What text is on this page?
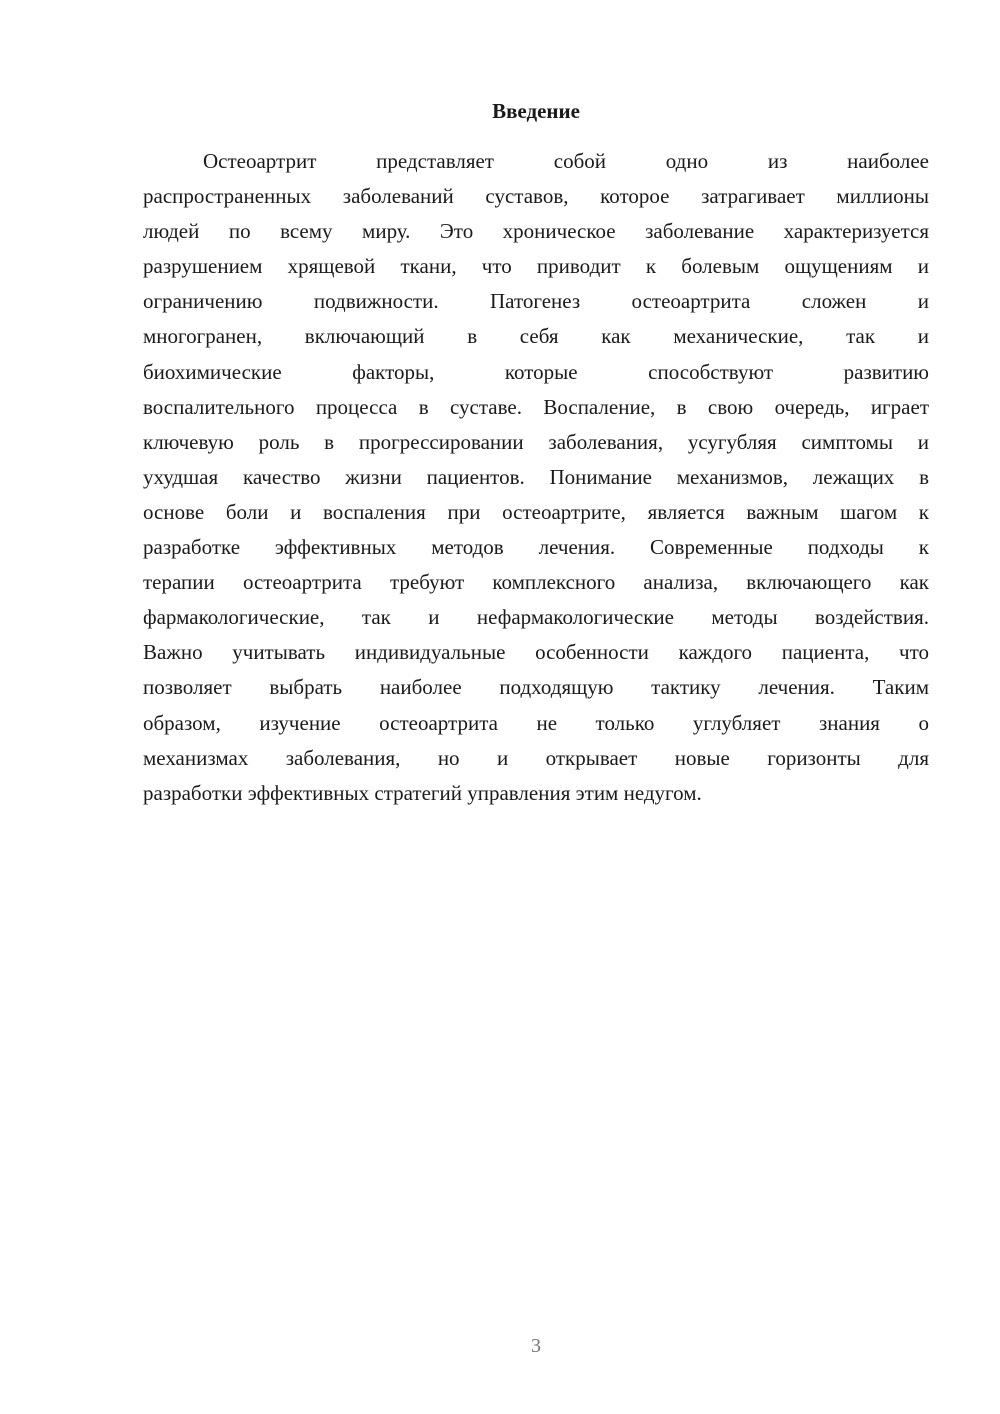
Введение
Остеоартрит представляет собой одно из наиболее
распространенных заболеваний суставов, которое затрагивает миллионы
людей по всему миру. Это хроническое заболевание характеризуется
разрушением хрящевой ткани, что приводит к болевым ощущениям и
ограничению подвижности. Патогенез остеоартрита сложен и
многогранен, включающий в себя как механические, так и
биохимические факторы, которые способствуют развитию
воспалительного процесса в суставе. Воспаление, в свою очередь, играет
ключевую роль в прогрессировании заболевания, усугубляя симптомы и
ухудшая качество жизни пациентов. Понимание механизмов, лежащих в
основе боли и воспаления при остеоартрите, является важным шагом к
разработке эффективных методов лечения. Современные подходы к
терапии остеоартрита требуют комплексного анализа, включающего как
фармакологические, так и нефармакологические методы воздействия.
Важно учитывать индивидуальные особенности каждого пациента, что
позволяет выбрать наиболее подходящую тактику лечения. Таким
образом, изучение остеоартрита не только углубляет знания о
механизмах заболевания, но и открывает новые горизонты для
разработки эффективных стратегий управления этим недугом.
3
